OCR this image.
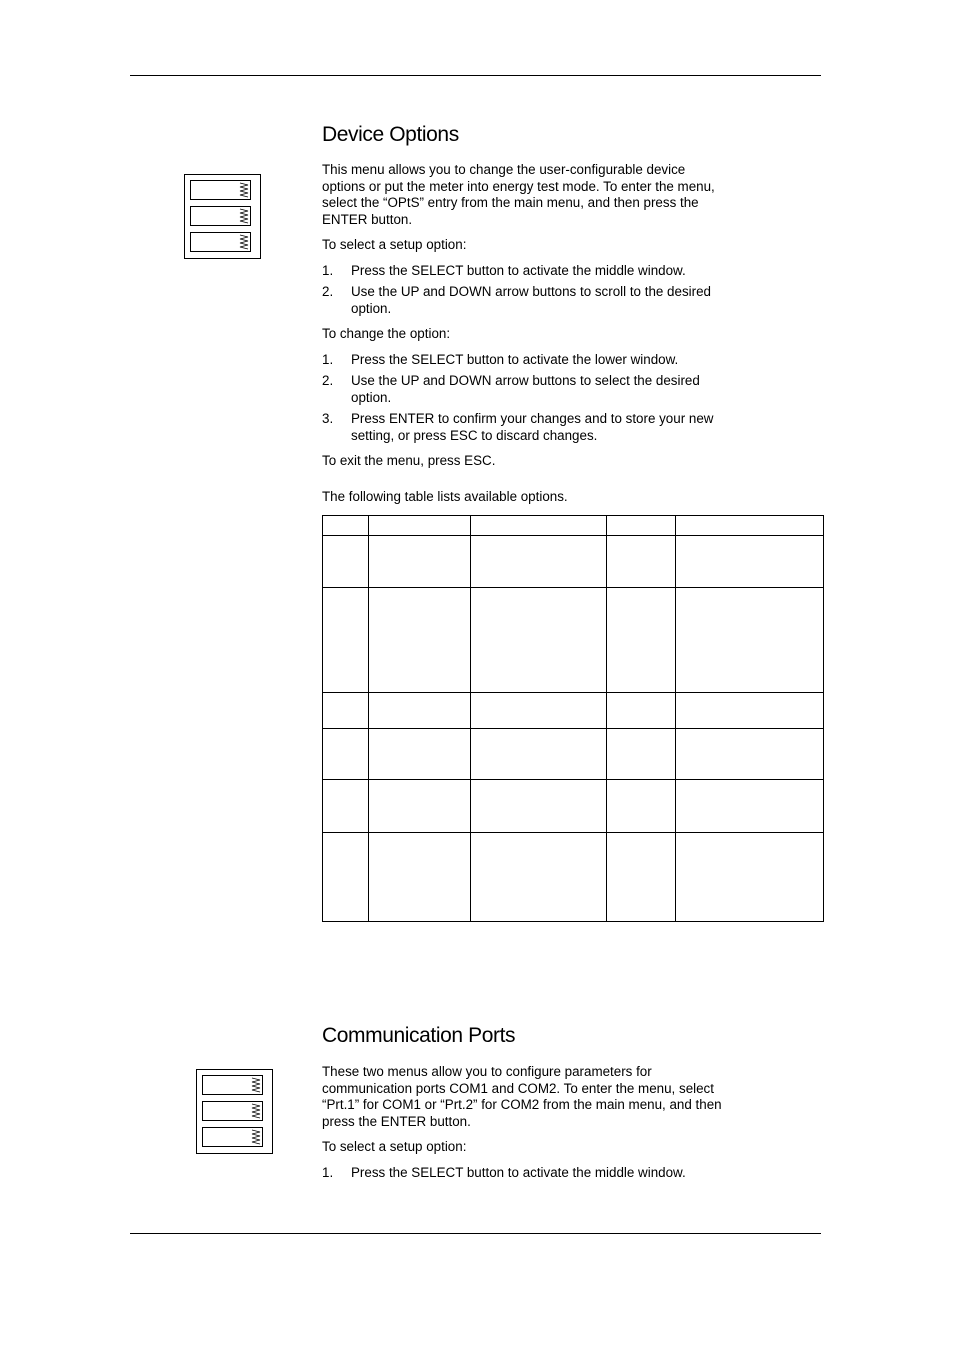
Device Options

This menu allows you to change the user-configurable device options or put the meter into energy test mode. To enter the menu, select the “OPtS” entry from the main menu, and then press the ENTER button.

To select a setup option:

1. Press the SELECT button to activate the middle window.
2. Use the UP and DOWN arrow buttons to scroll to the desired option.

To change the option:

1. Press the SELECT button to activate the lower window.
2. Use the UP and DOWN arrow buttons to select the desired option.
3. Press ENTER to confirm your changes and to store your new setting, or press ESC to discard changes.

To exit the menu, press ESC.

The following table lists available options.

Communication Ports

These two menus allow you to configure parameters for communication ports COM1 and COM2. To enter the menu, select “Prt.1” for COM1 or “Prt.2” for COM2 from the main menu, and then press the ENTER button.

To select a setup option:

1. Press the SELECT button to activate the middle window.
